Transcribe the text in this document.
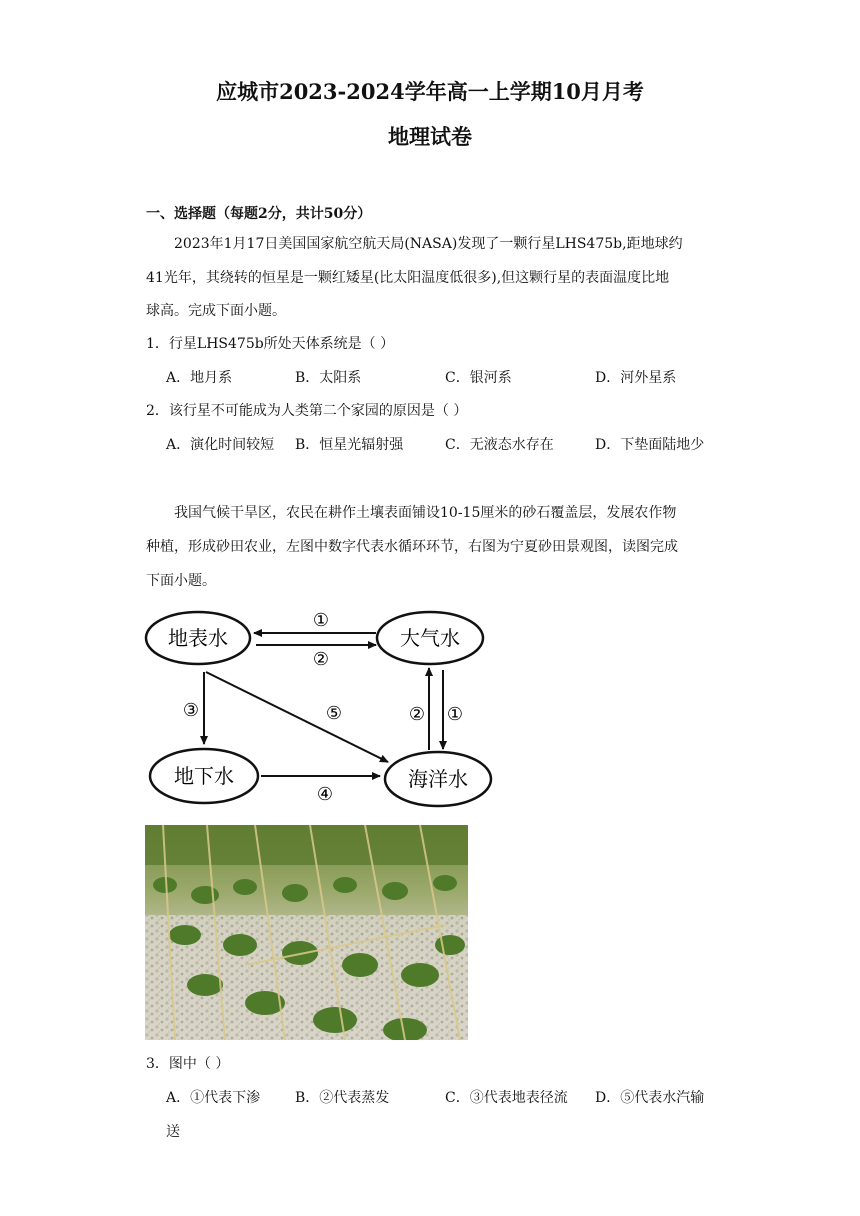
应城市2023-2024学年高一上学期10月月考
地理试卷
一、选择题（每题2分，共计50分）
2023年1月17日美国国家航空航天局(NASA)发现了一颗行星LHS475b,距地球约
41光年，其绕转的恒星是一颗红矮星(比太阳温度低很多),但这颗行星的表面温度比地
球高。完成下面小题。
1．行星LHS475b所处天体系统是（ ）
A．地月系	B．太阳系	C．银河系	D．河外星系
2．该行星不可能成为人类第二个家园的原因是（ ）
A．演化时间较短 B．恒星光辐射强	C．无液态水存在	D．下垫面陆地少
我国气候干旱区，农民在耕作土壤表面铺设10-15厘米的砂石覆盖层，发展农作物
种植，形成砂田农业，左图中数字代表水循环环节，右图为宁夏砂田景观图，读图完成
下面小题。
地表水	大气水
地下水	海洋水
①
②
③	⑤	② ①
④
3．图中（ ）
A．①代表下渗 B．②代表蒸发	C．③代表地表径流 D．⑤代表水汽输
送
